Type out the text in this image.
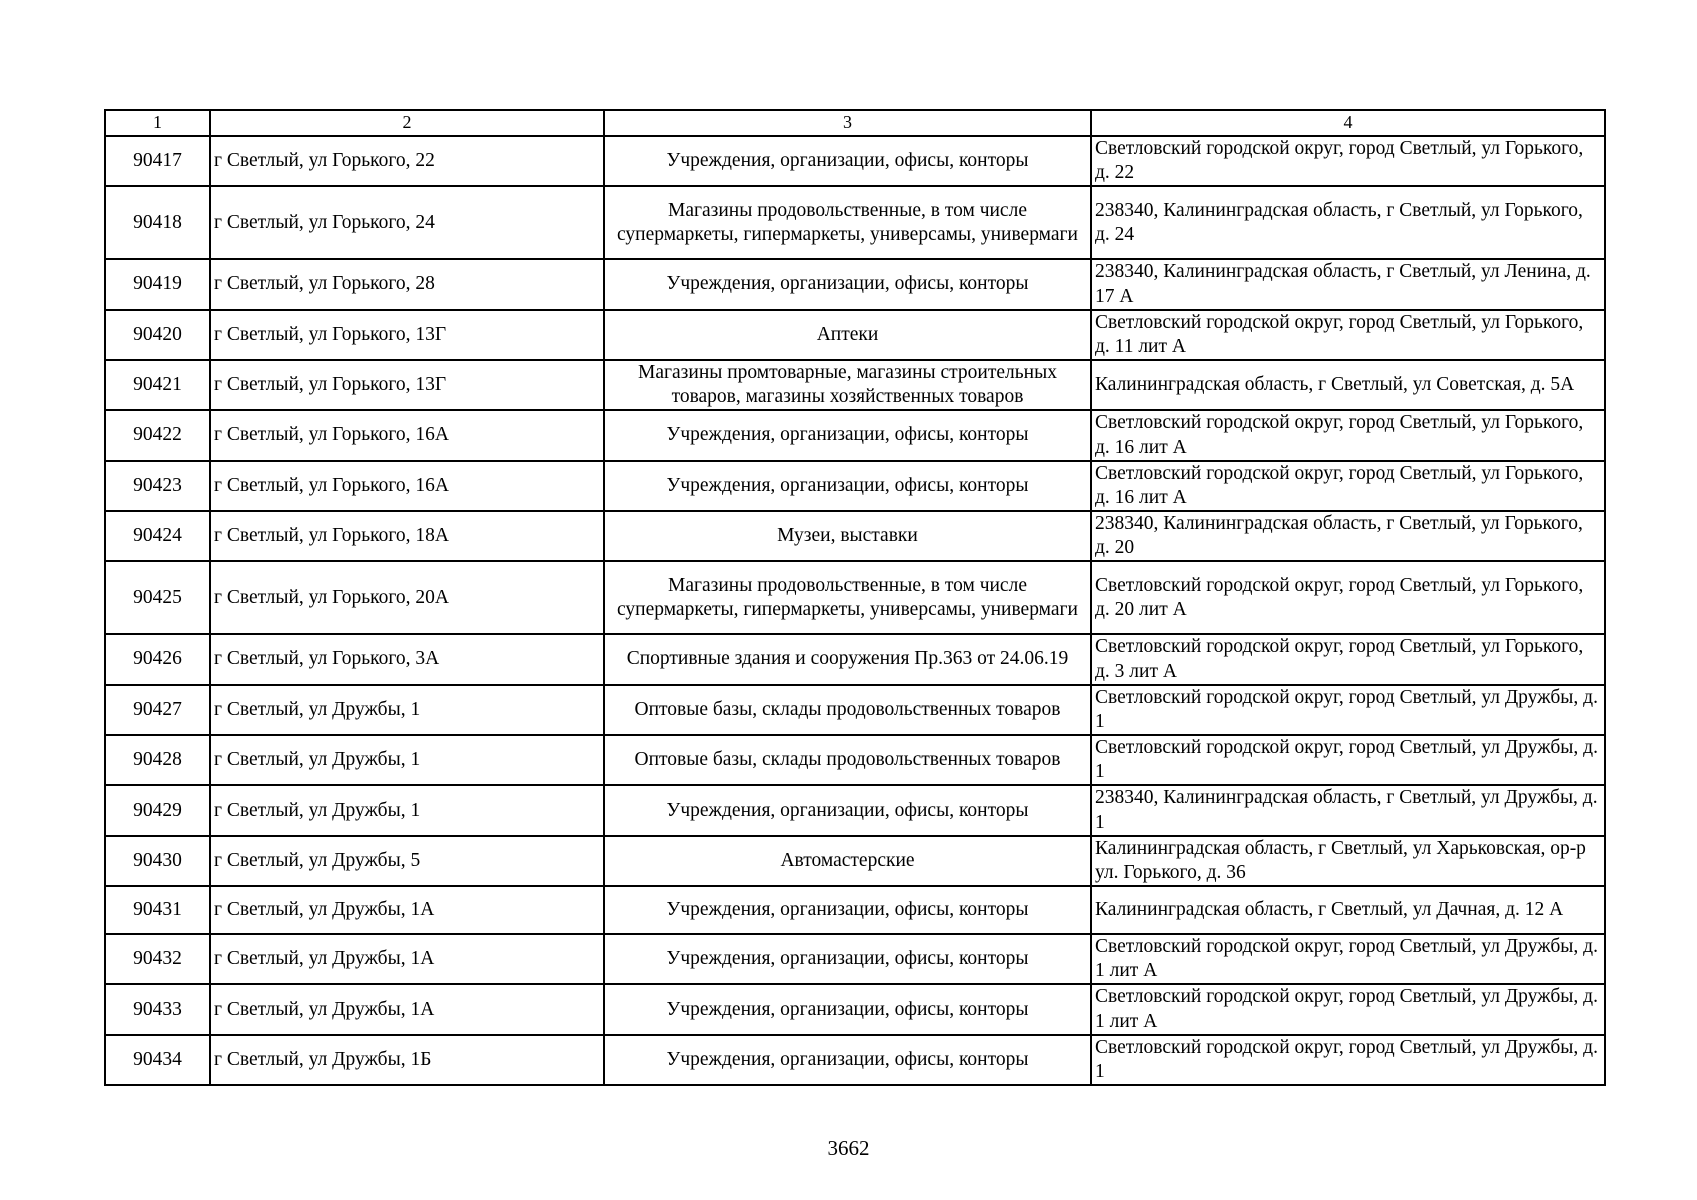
1	2	3	4
90417	г Светлый, ул Горького, 22	Учреждения, организации, офисы, конторы	Светловский городской округ, город Светлый, ул Горького, д. 22
90418	г Светлый, ул Горького, 24	Магазины продовольственные, в том числе супермаркеты, гипермаркеты, универсамы, универмаги	238340, Калининградская область, г Светлый, ул Горького, д. 24
90419	г Светлый, ул Горького, 28	Учреждения, организации, офисы, конторы	238340, Калининградская область, г Светлый, ул Ленина, д. 17 А
90420	г Светлый, ул Горького, 13Г	Аптеки	Светловский городской округ, город Светлый, ул Горького, д. 11 лит А
90421	г Светлый, ул Горького, 13Г	Магазины промтоварные, магазины строительных товаров, магазины хозяйственных товаров	Калининградская область, г Светлый, ул Советская, д. 5А
90422	г Светлый, ул Горького, 16А	Учреждения, организации, офисы, конторы	Светловский городской округ, город Светлый, ул Горького, д. 16 лит А
90423	г Светлый, ул Горького, 16А	Учреждения, организации, офисы, конторы	Светловский городской округ, город Светлый, ул Горького, д. 16 лит А
90424	г Светлый, ул Горького, 18А	Музеи, выставки	238340, Калининградская область, г Светлый, ул Горького, д. 20
90425	г Светлый, ул Горького, 20А	Магазины продовольственные, в том числе супермаркеты, гипермаркеты, универсамы, универмаги	Светловский городской округ, город Светлый, ул Горького, д. 20 лит А
90426	г Светлый, ул Горького, 3А	Спортивные здания и сооружения Пр.363 от 24.06.19	Светловский городской округ, город Светлый, ул Горького, д. 3 лит А
90427	г Светлый, ул Дружбы, 1	Оптовые базы, склады продовольственных товаров	Светловский городской округ, город Светлый, ул Дружбы, д. 1
90428	г Светлый, ул Дружбы, 1	Оптовые базы, склады продовольственных товаров	Светловский городской округ, город Светлый, ул Дружбы, д. 1
90429	г Светлый, ул Дружбы, 1	Учреждения, организации, офисы, конторы	238340, Калининградская область, г Светлый, ул Дружбы, д. 1
90430	г Светлый, ул Дружбы, 5	Автомастерские	Калининградская область, г Светлый, ул Харьковская, ор-р ул. Горького, д. 36
90431	г Светлый, ул Дружбы, 1А	Учреждения, организации, офисы, конторы	Калининградская область, г Светлый, ул Дачная, д. 12 А
90432	г Светлый, ул Дружбы, 1А	Учреждения, организации, офисы, конторы	Светловский городской округ, город Светлый, ул Дружбы, д. 1 лит А
90433	г Светлый, ул Дружбы, 1А	Учреждения, организации, офисы, конторы	Светловский городской округ, город Светлый, ул Дружбы, д. 1 лит А
90434	г Светлый, ул Дружбы, 1Б	Учреждения, организации, офисы, конторы	Светловский городской округ, город Светлый, ул Дружбы, д. 1
3662
